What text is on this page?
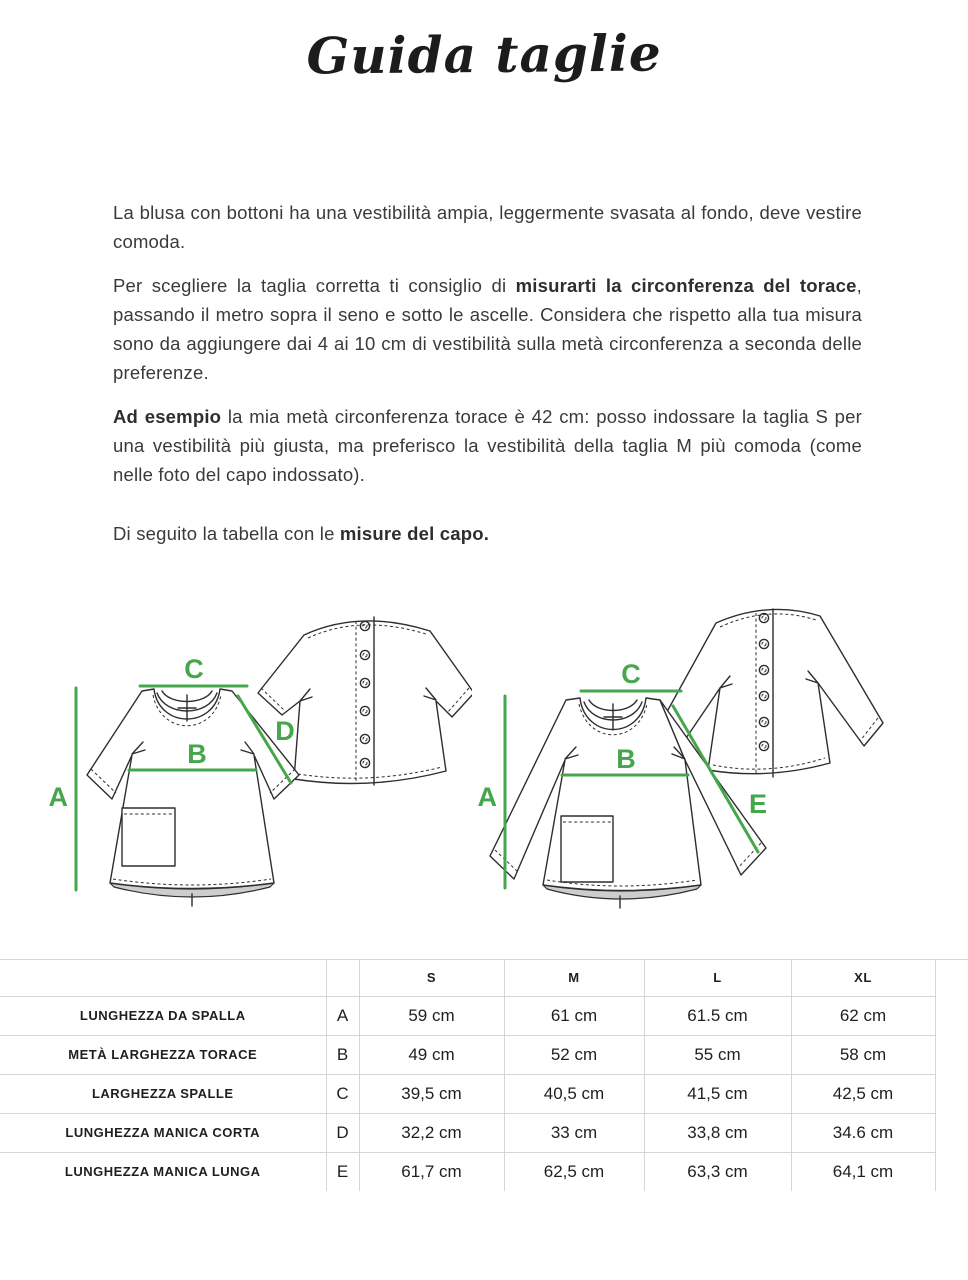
Guida taglie

La blusa con bottoni ha una vestibilità ampia, leggermente svasata al fondo, deve vestire comoda.

Per scegliere la taglia corretta ti consiglio di misurarti la circonferenza del torace, passando il metro sopra il seno e sotto le ascelle. Considera che rispetto alla tua misura sono da aggiungere dai 4 ai 10 cm di vestibilità sulla metà circonferenza a seconda delle preferenze.

Ad esempio la mia metà circonferenza torace è 42 cm: posso indossare la taglia S per una vestibilità più giusta, ma preferisco la vestibilità della taglia M più comoda (come nelle foto del capo indossato).

Di seguito la tabella con le misure del capo.

A
C
B
D
A
C
B
E
		S	M	L	XL
LUNGHEZZA DA SPALLA	A	59 cm	61 cm	61.5 cm	62 cm
METÀ LARGHEZZA TORACE	B	49 cm	52 cm	55 cm	58 cm
LARGHEZZA SPALLE	C	39,5 cm	40,5 cm	41,5 cm	42,5 cm
LUNGHEZZA MANICA CORTA	D	32,2 cm	33 cm	33,8 cm	34.6 cm
LUNGHEZZA MANICA LUNGA	E	61,7 cm	62,5 cm	63,3 cm	64,1 cm
